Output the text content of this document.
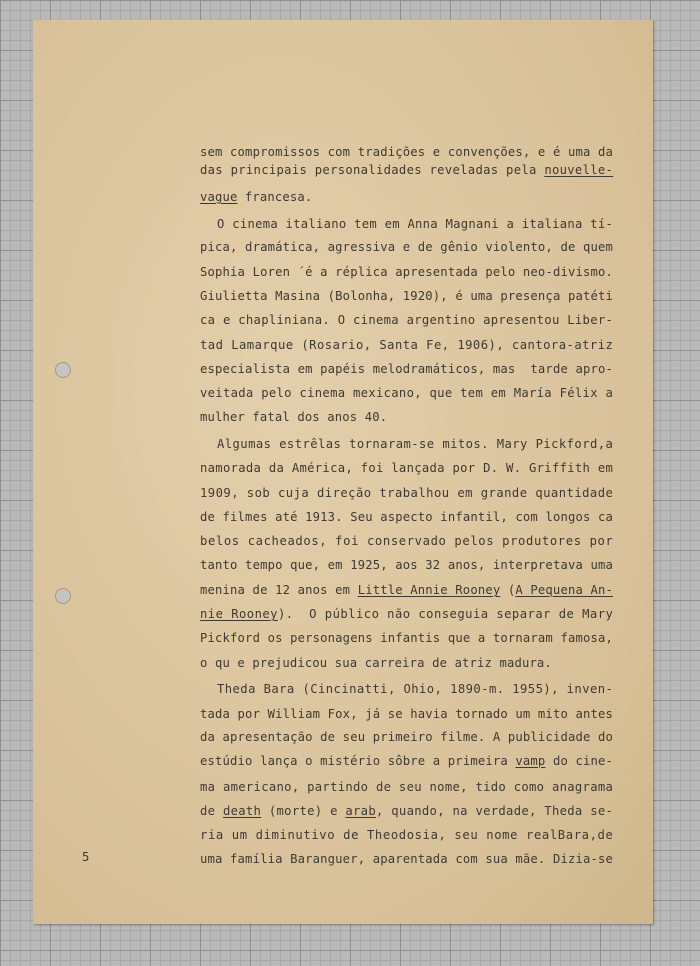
sem compromissos com tradições e convenções, e é uma da
das principais personalidades reveladas pela nouvelle-
vague francesa.
O cinema italiano tem em Anna Magnani a italiana tí-
pica, dramática, agressiva e de gênio violento, de quem
Sophia Loren ´é a réplica apresentada pelo neo-divismo.
Giulietta Masina (Bolonha, 1920), é uma presença patéti
ca e chapliniana. O cinema argentino apresentou Liber-
tad Lamarque (Rosario, Santa Fe, 1906), cantora-atriz
especialista em papéis melodramáticos, mas  tarde apro-
veitada pelo cinema mexicano, que tem em María Félix a
mulher fatal dos anos 40.
Algumas estrêlas tornaram-se mitos. Mary Pickford,a
namorada da América, foi lançada por D. W. Griffith em
1909, sob cuja direção trabalhou em grande quantidade
de filmes até 1913. Seu aspecto infantil, com longos ca
belos cacheados, foi conservado pelos produtores por
tanto tempo que, em 1925, aos 32 anos, interpretava uma
menina de 12 anos em Little Annie Rooney (A Pequena An-
nie Rooney).  O público não conseguia separar de Mary
Pickford os personagens infantis que a tornaram famosa,
o qu e prejudicou sua carreira de atriz madura.
Theda Bara (Cincinatti, Ohio, 1890-m. 1955), inven-
tada por William Fox, já se havia tornado um mito antes
da apresentação de seu primeiro filme. A publicidade do
estúdio lança o mistério sôbre a primeira vamp do cine-
ma americano, partindo de seu nome, tido como anagrama
de death (morte) e arab, quando, na verdade, Theda se-
ria um diminutivo de Theodosia, seu nome realBara,de
uma família Baranguer, aparentada com sua mãe. Dizia-se
5
